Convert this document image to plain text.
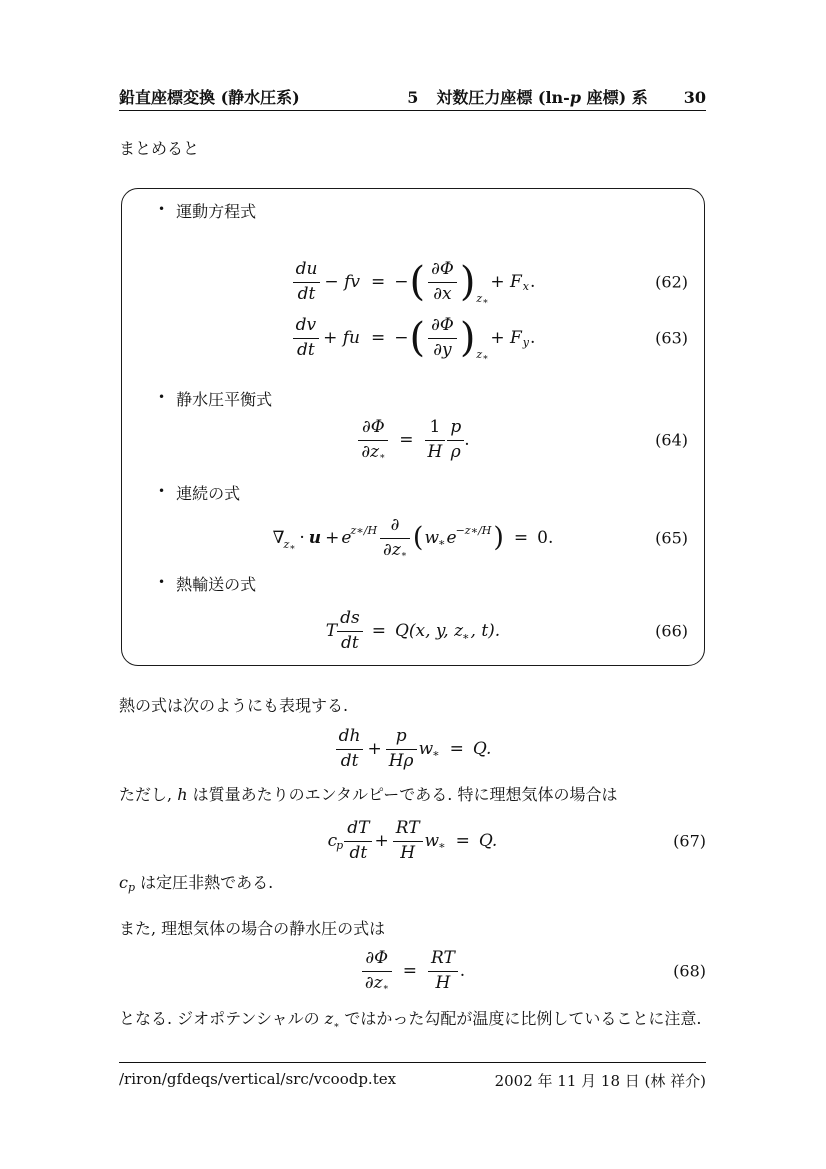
鉛直座標変換 (静水圧系)	5 対数圧力座標 (ln-p 座標) 系 30
まとめると
• 運動方程式
$\frac{du}{dt}$ − fv = − ( $\frac{\partial\Phi}{\partial x}$ ) z∗
+ F x .	(62)
$\frac{dv}{dt}$ + fu = − ( $\frac{\partial\Phi}{\partial y}$ ) z∗
+ F y .	(63)
• 静水圧平衡式
$\frac{\partial\Phi}{\partial z∗} = \frac{1}{H} \frac{p}{\rho}$ .	(64)
• 連続の式
∇ z∗
· u + e z∗/H $\frac{\partial}{\partial z∗}$ ( w ∗ e −z∗/H ) = 0.	(65)
• 熱輸送の式
T $\frac{ds}{dt} = Q(x$, y, z ∗ , t).	(66)
熱の式は次のようにも表現する.
$\frac{dh}{dt} + \frac{p}{H\rho}$ w ∗ = Q.
ただし, h は質量あたりのエンタルピーである. 特に理想気体の場合は
c p $\frac{dT}{dt} + \frac{RT}{H}$ w ∗ = Q.	(67)
cp は定圧非熱である.
また, 理想気体の場合の静水圧の式は
$\frac{\partial\Phi}{\partial z∗} = \frac{RT}{H}$ .	(68)
となる. ジオポテンシャルの $z_∗$ ではかった勾配が温度に比例していることに注意.
/riron/gfdeqs/vertical/src/vcoodp.tex	2002 年 11 月 18 日 (林 祥介)
